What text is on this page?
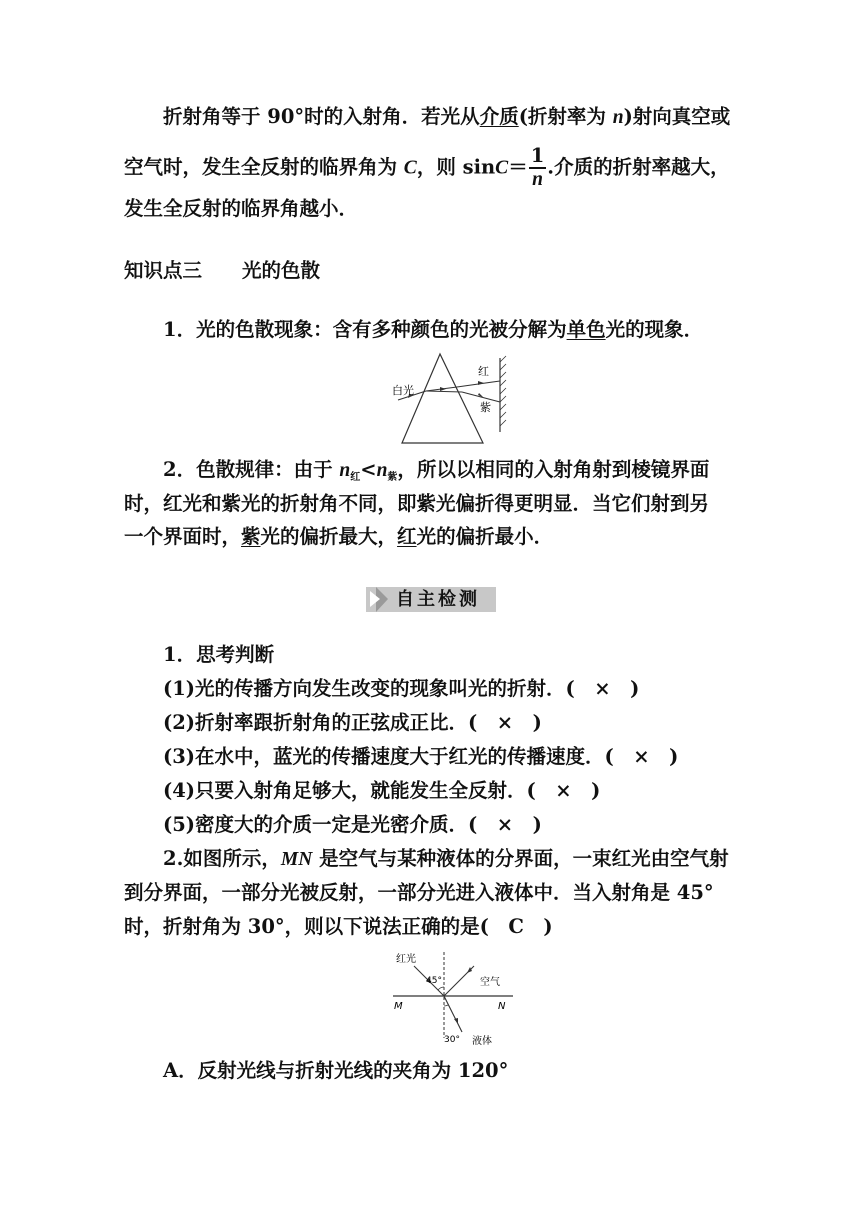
折射角等于 90°时的入射角．若光从介质(折射率为 n)射向真空或
空气时，发生全反射的临界角为 C，则 $\sin C= \frac{1}{n}$ .介质的折射率越大，
发生全反射的临界角越小．
知识点三 光的色散
1．光的色散现象：含有多种颜色的光被分解为单色光的现象．
白光
红
紫
2．色散规律：由于 $n_红<n_紫$，所以以相同的入射角射到棱镜界面
时，红光和紫光的折射角不同，即紫光偏折得更明显．当它们射到另
一个界面时，紫光的偏折最大，红光的偏折最小．
自主检测
1．思考判断
(1)光的传播方向发生改变的现象叫光的折射．(　×　)
(2)折射率跟折射角的正弦成正比．(　×　)
(3)在水中，蓝光的传播速度大于红光的传播速度．(　×　)
(4)只要入射角足够大，就能发生全反射．(　×　)
(5)密度大的介质一定是光密介质．(　×　)
2.如图所示，MN 是空气与某种液体的分界面，一束红光由空气射
到分界面，一部分光被反射，一部分光进入液体中．当入射角是 45°
时，折射角为 30°，则以下说法正确的是(　C　)
红光
45°	空气
M	N
30° 液体
A．反射光线与折射光线的夹角为 120°
